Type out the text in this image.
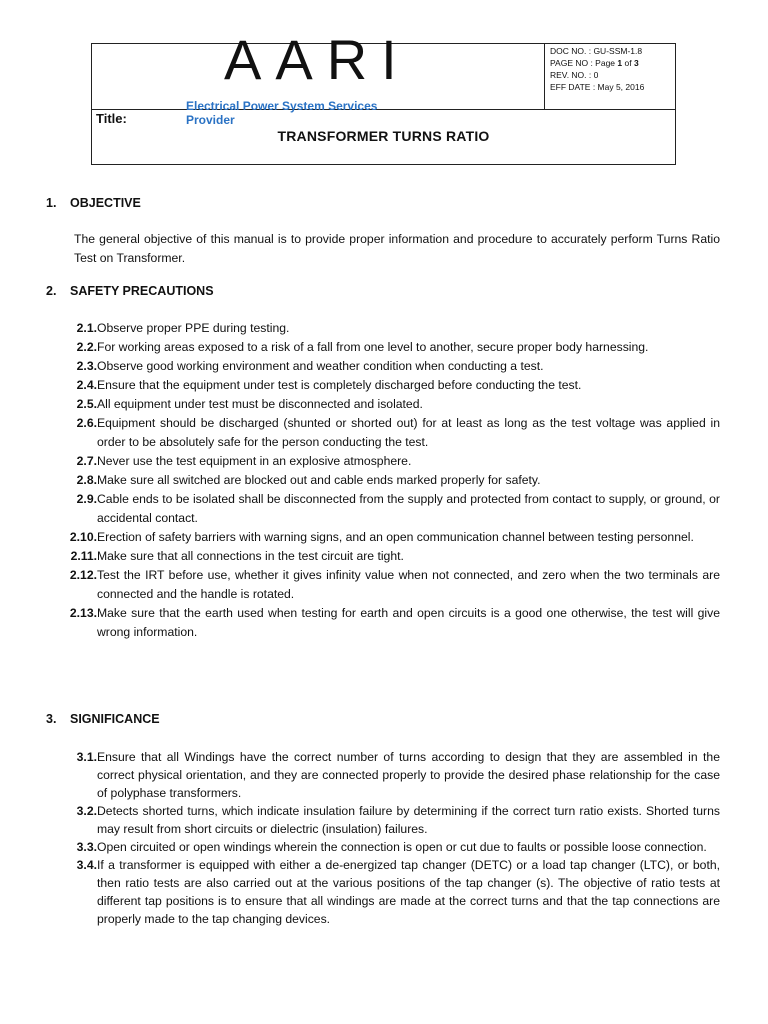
AARI
Electrical Power System Services
Provider
DOC NO. : GU-SSM-1.8
PAGE NO : Page 1 of 3
REV. NO. : 0
EFF DATE : May 5, 2016
Title:
TRANSFORMER TURNS RATIO
1. OBJECTIVE
The general objective of this manual is to provide proper information and procedure to accurately perform Turns Ratio Test on Transformer.
2. SAFETY PRECAUTIONS
2.1. Observe proper PPE during testing.
2.2. For working areas exposed to a risk of a fall from one level to another, secure proper body harnessing.
2.3. Observe good working environment and weather condition when conducting a test.
2.4. Ensure that the equipment under test is completely discharged before conducting the test.
2.5. All equipment under test must be disconnected and isolated.
2.6. Equipment should be discharged (shunted or shorted out) for at least as long as the test voltage was applied in order to be absolutely safe for the person conducting the test.
2.7. Never use the test equipment in an explosive atmosphere.
2.8. Make sure all switched are blocked out and cable ends marked properly for safety.
2.9. Cable ends to be isolated shall be disconnected from the supply and protected from contact to supply, or ground, or accidental contact.
2.10. Erection of safety barriers with warning signs, and an open communication channel between testing personnel.
2.11. Make sure that all connections in the test circuit are tight.
2.12. Test the IRT before use, whether it gives infinity value when not connected, and zero when the two terminals are connected and the handle is rotated.
2.13. Make sure that the earth used when testing for earth and open circuits is a good one otherwise, the test will give wrong information.
3. SIGNIFICANCE
3.1. Ensure that all Windings have the correct number of turns according to design that they are assembled in the correct physical orientation, and they are connected properly to provide the desired phase relationship for the case of polyphase transformers.
3.2. Detects shorted turns, which indicate insulation failure by determining if the correct turn ratio exists. Shorted turns may result from short circuits or dielectric (insulation) failures.
3.3. Open circuited or open windings wherein the connection is open or cut due to faults or possible loose connection.
3.4. If a transformer is equipped with either a de-energized tap changer (DETC) or a load tap changer (LTC), or both, then ratio tests are also carried out at the various positions of the tap changer (s). The objective of ratio tests at different tap positions is to ensure that all windings are made at the correct turns and that the tap connections are properly made to the tap changing devices.
